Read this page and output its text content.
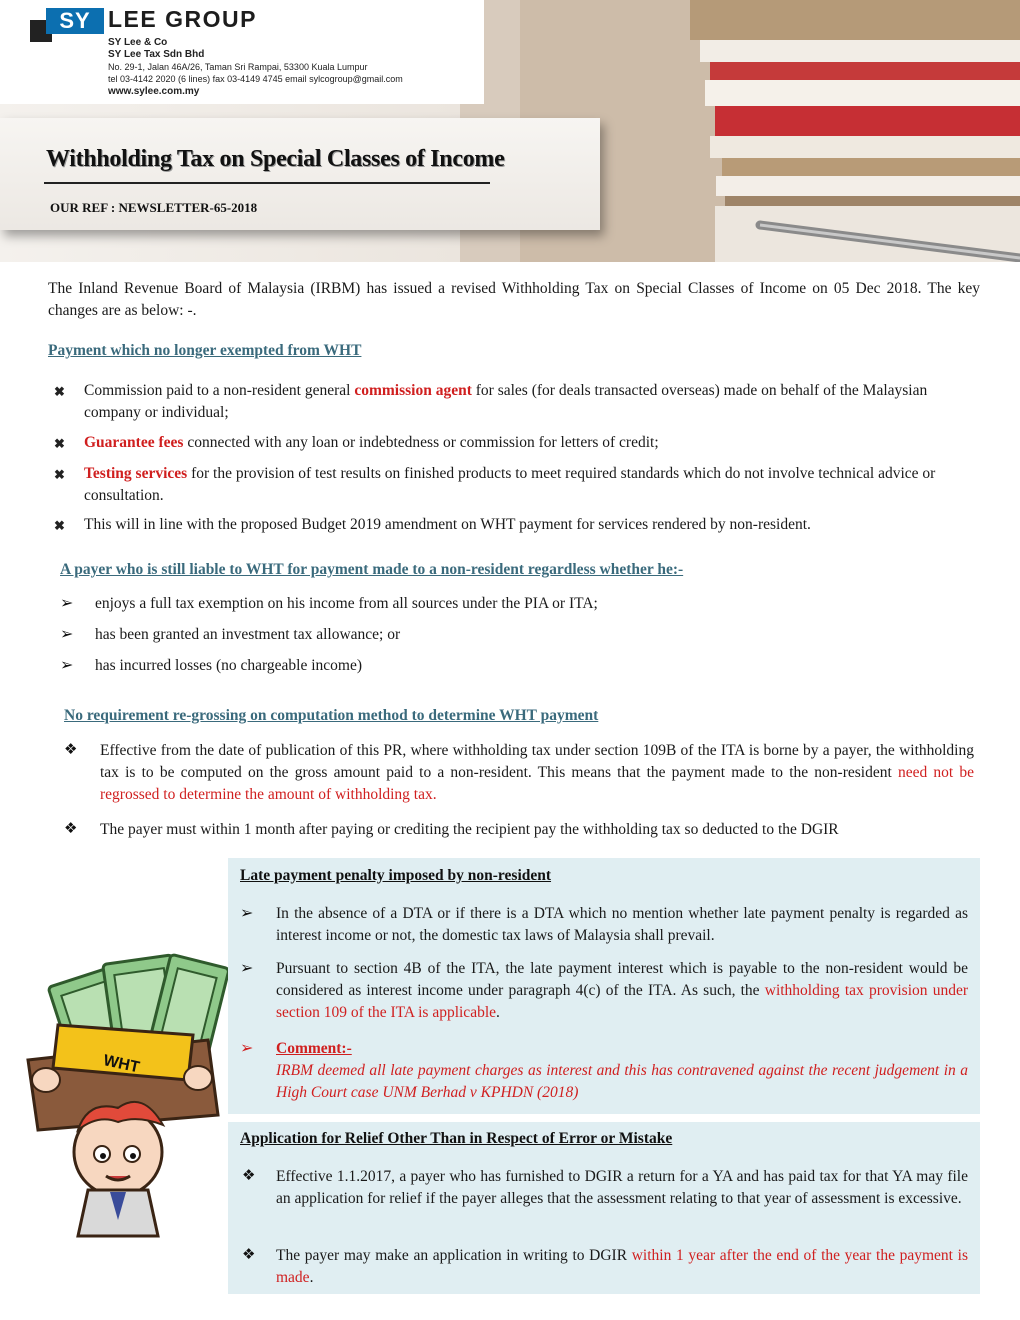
SY LEE GROUP
SY Lee & Co
SY Lee Tax Sdn Bhd
No. 29-1, Jalan 46A/26, Taman Sri Rampai, 53300 Kuala Lumpur
tel 03-4142 2020 (6 lines) fax 03-4149 4745 email sylcogroup@gmail.com
www.sylee.com.my
Withholding Tax on Special Classes of Income
OUR REF : NEWSLETTER-65-2018
The Inland Revenue Board of Malaysia (IRBM) has issued a revised Withholding Tax on Special Classes of Income on 05 Dec 2018. The key changes are as below: -.
Payment which no longer exempted from WHT
✖ Commission paid to a non-resident general commission agent for sales (for deals transacted overseas) made on behalf of the Malaysian company or individual;
✖ Guarantee fees connected with any loan or indebtedness or commission for letters of credit;
✖ Testing services for the provision of test results on finished products to meet required standards which do not involve technical advice or consultation.
✖ This will in line with the proposed Budget 2019 amendment on WHT payment for services rendered by non-resident.
A payer who is still liable to WHT for payment made to a non-resident regardless whether he:-
➢ enjoys a full tax exemption on his income from all sources under the PIA or ITA;
➢ has been granted an investment tax allowance; or
➢ has incurred losses (no chargeable income)
No requirement re-grossing on computation method to determine WHT payment
❖ Effective from the date of publication of this PR, where withholding tax under section 109B of the ITA is borne by a payer, the withholding tax is to be computed on the gross amount paid to a non-resident. This means that the payment made to the non-resident need not be regrossed to determine the amount of withholding tax.
❖ The payer must within 1 month after paying or crediting the recipient pay the withholding tax so deducted to the DGIR
Late payment penalty imposed by non-resident
➢ In the absence of a DTA or if there is a DTA which no mention whether late payment penalty is regarded as interest income or not, the domestic tax laws of Malaysia shall prevail.
➢ Pursuant to section 4B of the ITA, the late payment interest which is payable to the non-resident would be considered as interest income under paragraph 4(c) of the ITA. As such, the withholding tax provision under section 109 of the ITA is applicable.
➢ Comment:-
IRBM deemed all late payment charges as interest and this has contravened against the recent judgement in a High Court case UNM Berhad v KPHDN (2018)
Application for Relief Other Than in Respect of Error or Mistake
❖ Effective 1.1.2017, a payer who has furnished to DGIR a return for a YA and has paid tax for that YA may file an application for relief if the payer alleges that the assessment relating to that year of assessment is excessive.
❖ The payer may make an application in writing to DGIR within 1 year after the end of the year the payment is made.
WHT
